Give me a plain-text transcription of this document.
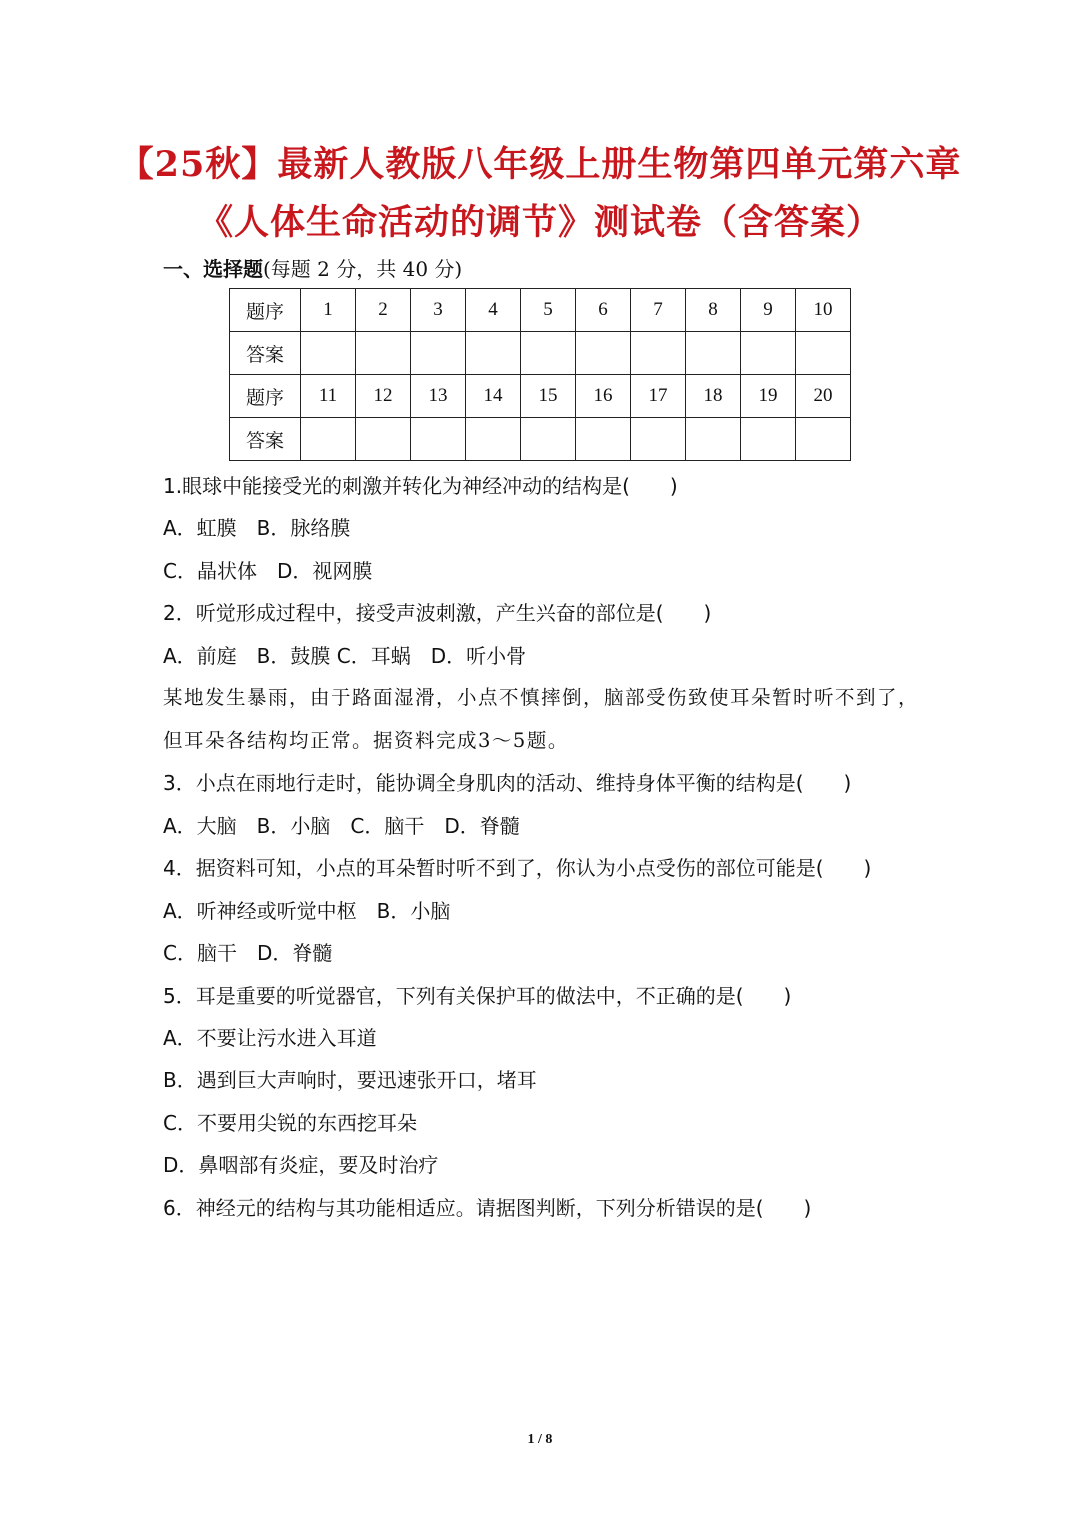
【25秋】最新人教版八年级上册生物第四单元第六章
《人体生命活动的调节》测试卷（含答案）
一、选择题(每题 2 分，共 40 分)
题序	1	2	3	4	5	6	7	8	9	10
答案										
题序	11	12	13	14	15	16	17	18	19	20
答案										
1.眼球中能接受光的刺激并转化为神经冲动的结构是(　　)
A．虹膜　B．脉络膜
C．晶状体　D．视网膜
2．听觉形成过程中，接受声波刺激，产生兴奋的部位是(　　)
A．前庭　B．鼓膜 C．耳蜗　D．听小骨
某地发生暴雨，由于路面湿滑，小点不慎摔倒，脑部受伤致使耳朵暂时听不到了，
但耳朵各结构均正常。据资料完成3～5题。
3．小点在雨地行走时，能协调全身肌肉的活动、维持身体平衡的结构是(　　)
A．大脑　B．小脑　C．脑干　D．脊髓
4．据资料可知，小点的耳朵暂时听不到了，你认为小点受伤的部位可能是(　　)
A．听神经或听觉中枢　B．小脑
C．脑干　D．脊髓
5．耳是重要的听觉器官，下列有关保护耳的做法中，不正确的是(　　)
A．不要让污水进入耳道
B．遇到巨大声响时，要迅速张开口，堵耳
C．不要用尖锐的东西挖耳朵
D．鼻咽部有炎症，要及时治疗
6．神经元的结构与其功能相适应。请据图判断，下列分析错误的是(　　)
1 / 8
